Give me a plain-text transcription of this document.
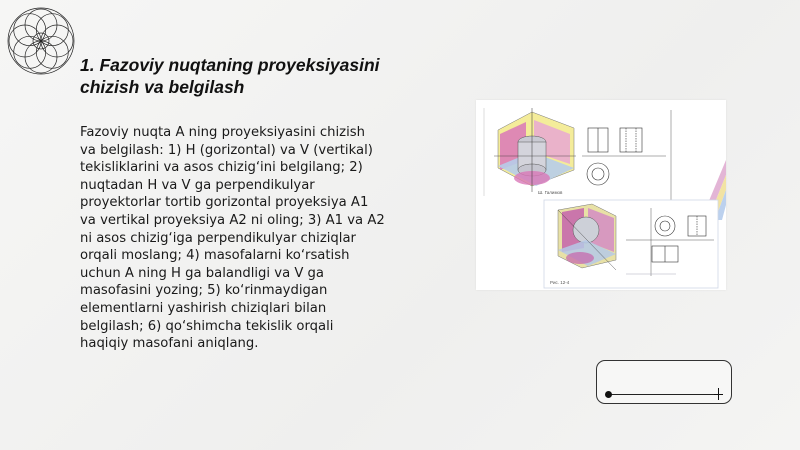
1. Fazoviy nuqtaning proyeksiyasini
chizish va belgilash
Fazoviy nuqta A ning proyeksiyasini chizish
va belgilash: 1) H (gorizontal) va V (vertikal)
tekisliklarini va asos chizig‘ini belgilang; 2)
nuqtadan H va V ga perpendikulyar
proyektorlar tortib gorizontal proyeksiya A1
va vertikal proyeksiya A2 ni oling; 3) A1 va A2
ni asos chizig‘iga perpendikulyar chiziqlar
orqali moslang; 4) masofalarni ko‘rsatish
uchun A ning H ga balandligi va V ga
masofasini yozing; 5) ko‘rinmaydigan
elementlarni yashirish chiziqlari bilan
belgilash; 6) qo‘shimcha tekislik orqali
haqiqiy masofani aniqlang.
Ш. Галимов
Рис. 12-4
